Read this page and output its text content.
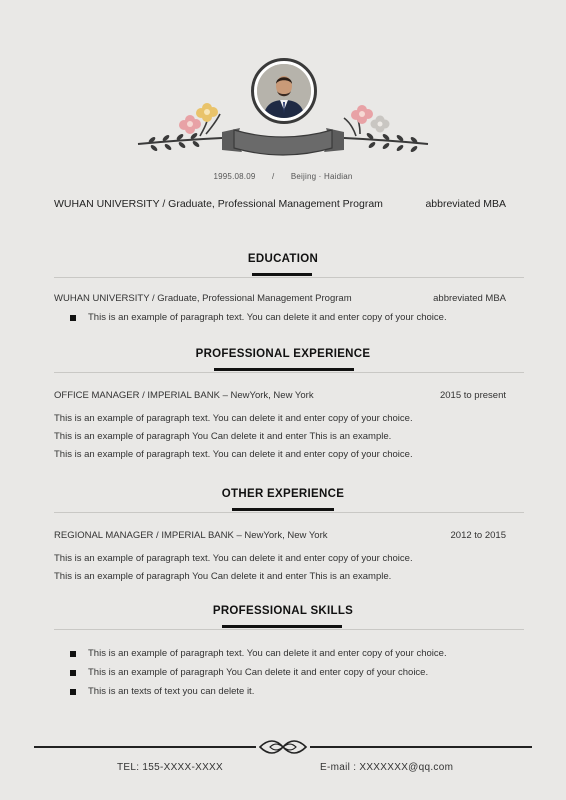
1995.08.09 / Beijing · Haidian
WUHAN UNIVERSITY / Graduate, Professional Management Program	abbreviated MBA
EDUCATION
WUHAN UNIVERSITY / Graduate, Professional Management Program	abbreviated MBA
This is an example of paragraph text. You can delete it and enter copy of your choice.
PROFESSIONAL EXPERIENCE
OFFICE MANAGER / IMPERIAL BANK – NewYork, New York	2015 to present
This is an example of paragraph text. You can delete it and enter copy of your choice.
This is an example of paragraph You Can delete it and enter This is an example.
This is an example of paragraph text. You can delete it and enter copy of your choice.
OTHER EXPERIENCE
REGIONAL MANAGER / IMPERIAL BANK – NewYork, New York	2012 to 2015
This is an example of paragraph text. You can delete it and enter copy of your choice.
This is an example of paragraph You Can delete it and enter This is an example.
PROFESSIONAL SKILLS
This is an example of paragraph text. You can delete it and enter copy of your choice.
This is an example of paragraph You Can delete it and enter copy of your choice.
This is an texts of text you can delete it.
TEL: 155-XXXX-XXXX	E-mail : XXXXXXX@qq.com
